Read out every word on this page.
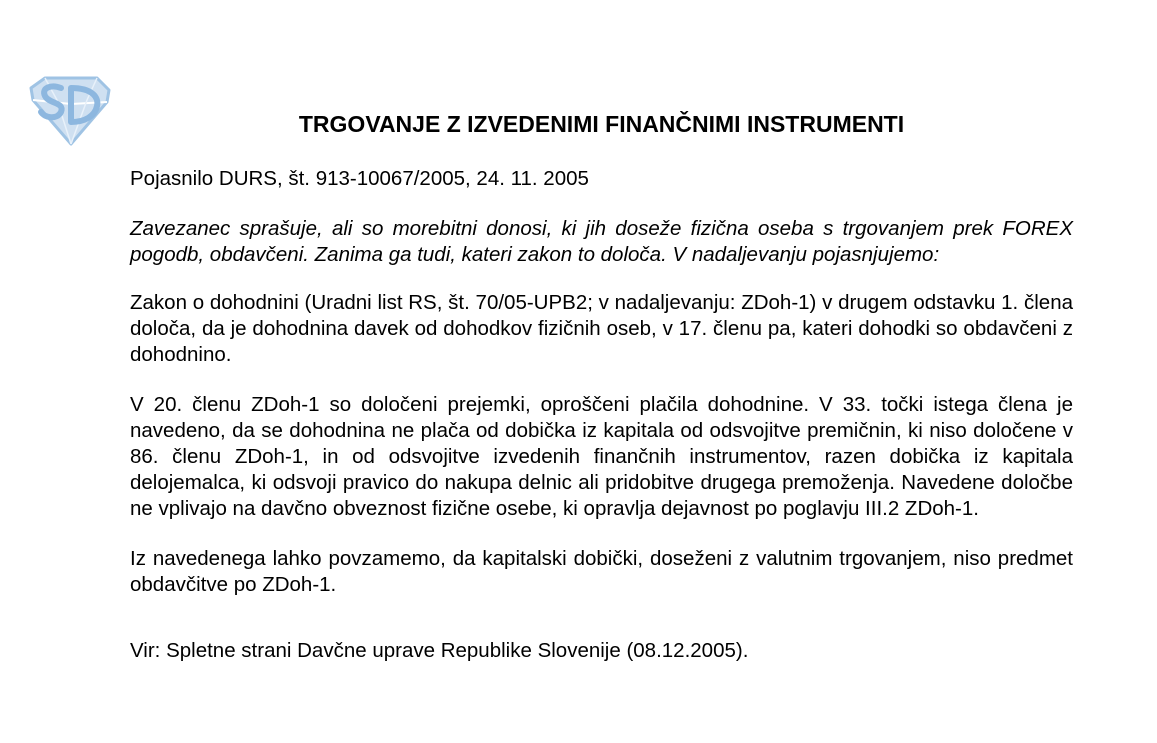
TRGOVANJE Z IZVEDENIMI FINANČNIMI INSTRUMENTI

Pojasnilo DURS, št. 913-10067/2005, 24. 11. 2005

Zavezanec sprašuje, ali so morebitni donosi, ki jih doseže fizična oseba s trgovanjem prek FOREX pogodb, obdavčeni. Zanima ga tudi, kateri zakon to določa. V nadaljevanju pojasnjujemo:

Zakon o dohodnini (Uradni list RS, št. 70/05-UPB2; v nadaljevanju: ZDoh-1) v drugem odstavku 1. člena določa, da je dohodnina davek od dohodkov fizičnih oseb, v 17. členu pa, kateri dohodki so obdavčeni z dohodnino.

V 20. členu ZDoh-1 so določeni prejemki, oproščeni plačila dohodnine. V 33. točki istega člena je navedeno, da se dohodnina ne plača od dobička iz kapitala od odsvojitve premičnin, ki niso določene v 86. členu ZDoh-1, in od odsvojitve izvedenih finančnih instrumentov, razen dobička iz kapitala delojemalca, ki odsvoji pravico do nakupa delnic ali pridobitve drugega premoženja. Navedene določbe ne vplivajo na davčno obveznost fizične osebe, ki opravlja dejavnost po poglavju III.2 ZDoh-1.

Iz navedenega lahko povzamemo, da kapitalski dobički, doseženi z valutnim trgovanjem, niso predmet obdavčitve po ZDoh-1.

Vir: Spletne strani Davčne uprave Republike Slovenije (08.12.2005).
